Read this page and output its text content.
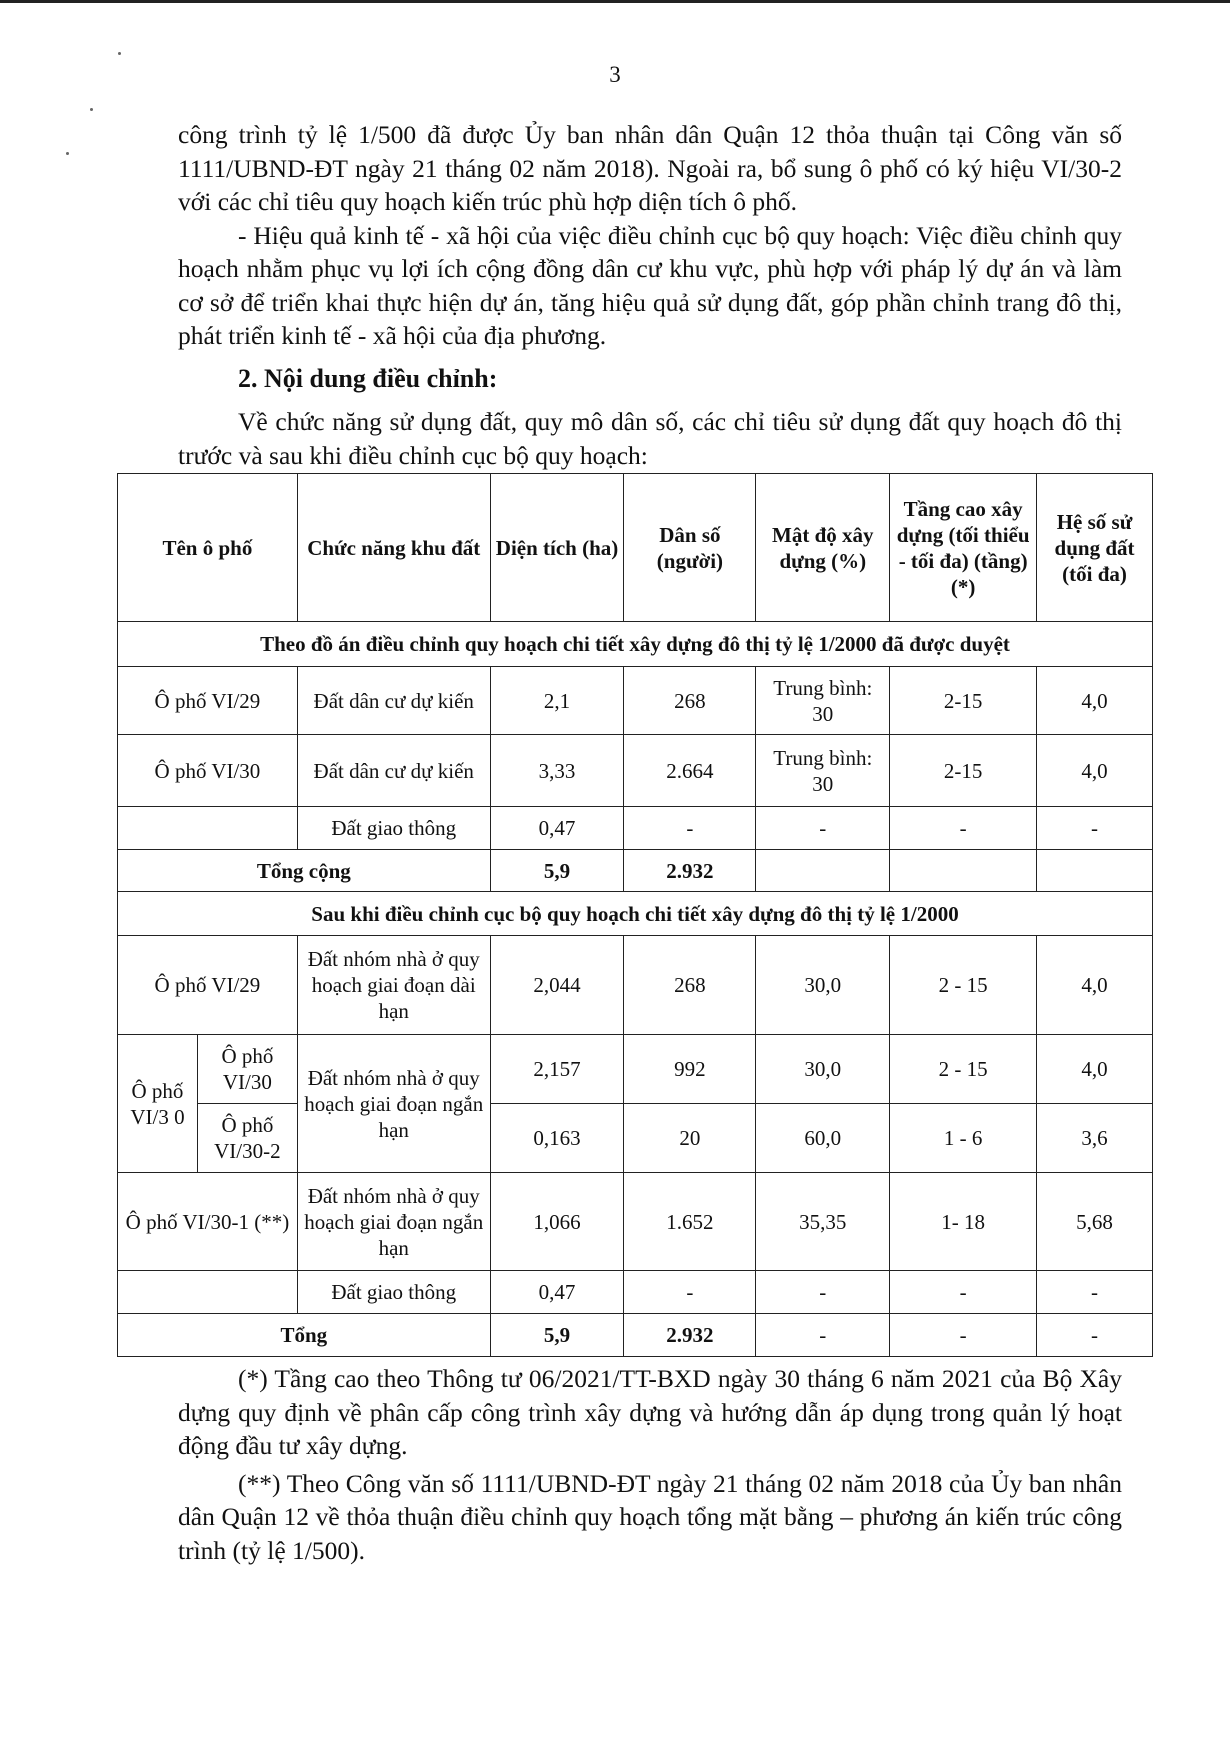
3

công trình tỷ lệ 1/500 đã được Ủy ban nhân dân Quận 12 thỏa thuận tại Công văn số 1111/UBND-ĐT ngày 21 tháng 02 năm 2018). Ngoài ra, bổ sung ô phố có ký hiệu VI/30-2 với các chỉ tiêu quy hoạch kiến trúc phù hợp diện tích ô phố.

- Hiệu quả kinh tế - xã hội của việc điều chỉnh cục bộ quy hoạch: Việc điều chỉnh quy hoạch nhằm phục vụ lợi ích cộng đồng dân cư khu vực, phù hợp với pháp lý dự án và làm cơ sở để triển khai thực hiện dự án, tăng hiệu quả sử dụng đất, góp phần chỉnh trang đô thị, phát triển kinh tế - xã hội của địa phương.

2. Nội dung điều chỉnh:

Về chức năng sử dụng đất, quy mô dân số, các chỉ tiêu sử dụng đất quy hoạch đô thị trước và sau khi điều chỉnh cục bộ quy hoạch:

Tên ô phố		Chức năng khu đất	Diện tích (ha)	Dân số (người)	Mật độ xây dựng (%)	Tầng cao xây dựng (tối thiểu - tối đa) (tầng) (*)	Hệ số sử dụng đất (tối đa)
Theo đồ án điều chỉnh quy hoạch chi tiết xây dựng đô thị tỷ lệ 1/2000 đã được duyệt							
Ô phố VI/29		Đất dân cư dự kiến	2,1	268	Trung bình: 30	2-15	4,0
Ô phố VI/30		Đất dân cư dự kiến	3,33	2.664	Trung bình: 30	2-15	4,0
		Đất giao thông	0,47	-	-	-	-
Tổng cộng			5,9	2.932			
Sau khi điều chỉnh cục bộ quy hoạch chi tiết xây dựng đô thị tỷ lệ 1/2000							
Ô phố VI/29		Đất nhóm nhà ở quy hoạch giai đoạn dài hạn	2,044	268	30,0	2 - 15	4,0
Ô phố VI/3 0	Ô phố VI/30	Đất nhóm nhà ở quy hoạch giai đoạn ngắn hạn	2,157	992	30,0	2 - 15	4,0
	Ô phố VI/30-2		0,163	20	60,0	1 - 6	3,6
Ô phố VI/30-1 (**)		Đất nhóm nhà ở quy hoạch giai đoạn ngắn hạn	1,066	1.652	35,35	1- 18	5,68
		Đất giao thông	0,47	-	-	-	-
Tổng			5,9	2.932	-	-	-

(*) Tầng cao theo Thông tư 06/2021/TT-BXD ngày 30 tháng 6 năm 2021 của Bộ Xây dựng quy định về phân cấp công trình xây dựng và hướng dẫn áp dụng trong quản lý hoạt động đầu tư xây dựng.

(**) Theo Công văn số 1111/UBND-ĐT ngày 21 tháng 02 năm 2018 của Ủy ban nhân dân Quận 12 về thỏa thuận điều chỉnh quy hoạch tổng mặt bằng – phương án kiến trúc công trình (tỷ lệ 1/500).
